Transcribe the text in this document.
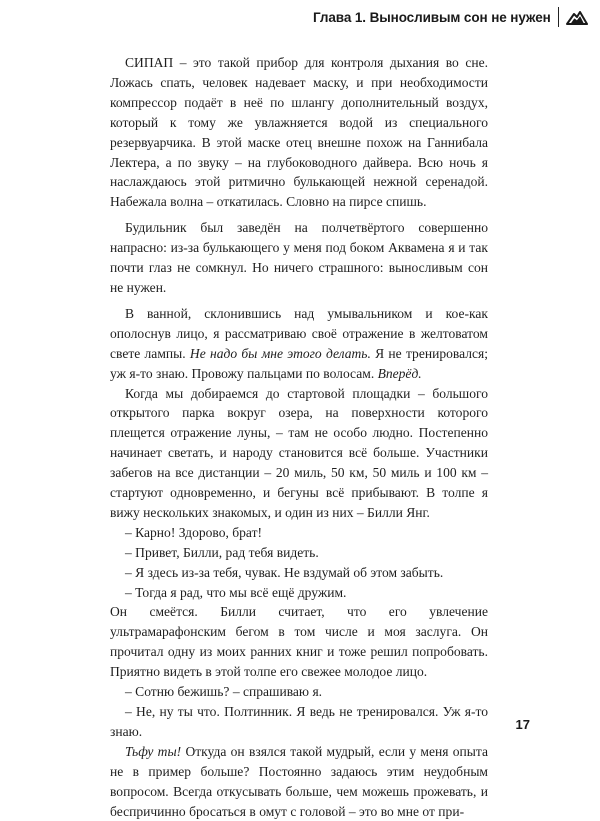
Глава 1. Выносливым сон не нужен

СИПАП – это такой прибор для контроля дыхания во сне. Ложась спать, человек надевает маску, и при необходимости компрессор подаёт в неё по шлангу дополнительный воздух, который к тому же увлажняется водой из специального резервуарчика. В этой маске отец внешне похож на Ганнибала Лектера, а по звуку – на глубоководного дайвера. Всю ночь я наслаждаюсь этой ритмично булькающей нежной серенадой. Набежала волна – откатилась. Словно на пирсе спишь.

Будильник был заведён на полчетвёртого совершенно напрасно: из-за булькающего у меня под боком Аквамена я и так почти глаз не сомкнул. Но ничего страшного: выносливым сон не нужен.

В ванной, склонившись над умывальником и кое-как ополоснув лицо, я рассматриваю своё отражение в желтоватом свете лампы. Не надо бы мне этого делать. Я не тренировался; уж я-то знаю. Провожу пальцами по волосам. Вперёд.

Когда мы добираемся до стартовой площадки – большого открытого парка вокруг озера, на поверхности которого плещется отражение луны, – там не особо людно. Постепенно начинает светать, и народу становится всё больше. Участники забегов на все дистанции – 20 миль, 50 км, 50 миль и 100 км – стартуют одновременно, и бегуны всё прибывают. В толпе я вижу нескольких знакомых, и один из них – Билли Янг.

– Карно! Здорово, брат!

– Привет, Билли, рад тебя видеть.

– Я здесь из-за тебя, чувак. Не вздумай об этом забыть.

– Тогда я рад, что мы всё ещё дружим.

Он смеётся. Билли считает, что его увлечение ультрамарафонским бегом в том числе и моя заслуга. Он прочитал одну из моих ранних книг и тоже решил попробовать. Приятно видеть в этой толпе его свежее молодое лицо.

– Сотню бежишь? – спрашиваю я.

– Не, ну ты что. Полтинник. Я ведь не тренировался. Уж я-то знаю.

Тьфу ты! Откуда он взялся такой мудрый, если у меня опыта не в пример больше? Постоянно задаюсь этим неудобным вопросом. Всегда откусывать больше, чем можешь прожевать, и беспричинно бросаться в омут с головой – это во мне от при-

17
